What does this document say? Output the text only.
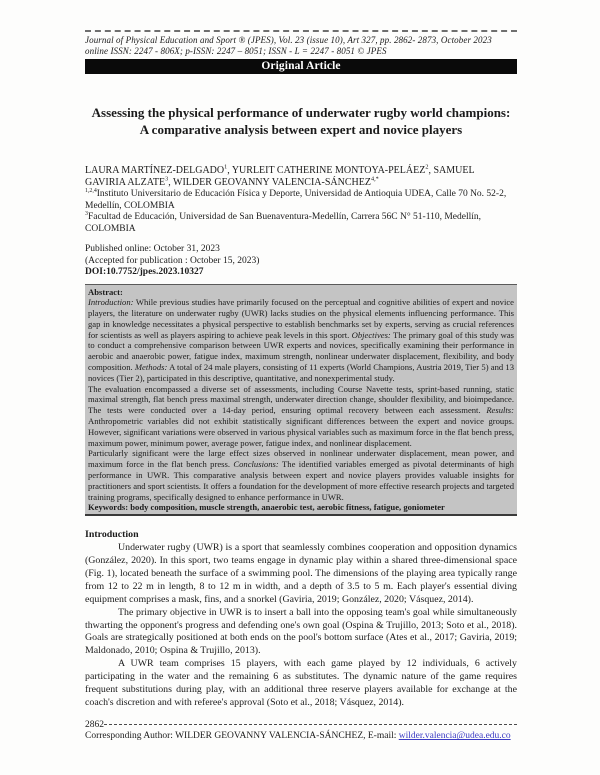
Journal of Physical Education and Sport ® (JPES), Vol. 23 (issue 10), Art 327, pp. 2862- 2873, October 2023
online ISSN: 2247 - 806X; p-ISSN: 2247 – 8051; ISSN - L = 2247 - 8051 © JPES
Original Article
Assessing the physical performance of underwater rugby world champions:
A comparative analysis between expert and novice players
LAURA MARTÍNEZ-DELGADO$^1$, YURLEIT CATHERINE MONTOYA-PELÁEZ$^2$, SAMUEL GAVIRIA ALZATE$^3$, WILDER GEOVANNY VALENCIA-$SÁNCHEZ^{4,*}$
$^{1,2,4}$Instituto Universitario de Educación Física y Deporte, Universidad de Antioquia UDEA, Calle 70 No. 52-2, Medellín, COLOMBIA
$^3$Facultad de Educación, Universidad de San Buenaventura-Medellín, Carrera 56C N° 51-110, Medellín, COLOMBIA
Published online: October 31, 2023
(Accepted for publication : October 15, 2023)
DOI:10.7752/jpes.2023.10327
Abstract:
Introduction: While previous studies have primarily focused on the perceptual and cognitive abilities of expert and novice players, the literature on underwater rugby (UWR) lacks studies on the physical elements influencing performance. This gap in knowledge necessitates a physical perspective to establish benchmarks set by experts, serving as crucial references for scientists as well as players aspiring to achieve peak levels in this sport. Objectives: The primary goal of this study was to conduct a comprehensive comparison between UWR experts and novices, specifically examining their performance in aerobic and anaerobic power, fatigue index, maximum strength, nonlinear underwater displacement, flexibility, and body composition. Methods: A total of 24 male players, consisting of 11 experts (World Champions, Austria 2019, Tier 5) and 13 novices (Tier 2), participated in this descriptive, quantitative, and nonexperimental study.
The evaluation encompassed a diverse set of assessments, including Course Navette tests, sprint-based running, static maximal strength, flat bench press maximal strength, underwater direction change, shoulder flexibility, and bioimpedance. The tests were conducted over a 14-day period, ensuring optimal recovery between each assessment. Results: Anthropometric variables did not exhibit statistically significant differences between the expert and novice groups. However, significant variations were observed in various physical variables such as maximum force in the flat bench press, maximum power, minimum power, average power, fatigue index, and nonlinear displacement.
Particularly significant were the large effect sizes observed in nonlinear underwater displacement, mean power, and maximum force in the flat bench press. Conclusions: The identified variables emerged as pivotal determinants of high performance in UWR. This comparative analysis between expert and novice players provides valuable insights for practitioners and sport scientists. It offers a foundation for the development of more effective research projects and targeted training programs, specifically designed to enhance performance in UWR.
Keywords: body composition, muscle strength, anaerobic test, aerobic fitness, fatigue, goniometer
Introduction

Underwater rugby (UWR) is a sport that seamlessly combines cooperation and opposition dynamics (González, 2020). In this sport, two teams engage in dynamic play within a shared three-dimensional space (Fig. 1), located beneath the surface of a swimming pool. The dimensions of the playing area typically range from 12 to 22 m in length, 8 to 12 m in width, and a depth of 3.5 to 5 m. Each player's essential diving equipment comprises a mask, fins, and a snorkel (Gaviria, 2019; González, 2020; Vásquez, 2014).

The primary objective in UWR is to insert a ball into the opposing team's goal while simultaneously thwarting the opponent's progress and defending one's own goal (Ospina & Trujillo, 2013; Soto et al., 2018). Goals are strategically positioned at both ends on the pool's bottom surface (Ates et al., 2017; Gaviria, 2019; Maldonado, 2010; Ospina & Trujillo, 2013).

A UWR team comprises 15 players, with each game played by 12 individuals, 6 actively participating in the water and the remaining 6 as substitutes. The dynamic nature of the game requires frequent substitutions during play, with an additional three reserve players available for exchange at the coach's discretion and with referee's approval (Soto et al., 2018; Vásquez, 2014).

2862
Corresponding Author: WILDER GEOVANNY VALENCIA-SÁNCHEZ, E-mail: wilder.valencia@udea.edu.co
